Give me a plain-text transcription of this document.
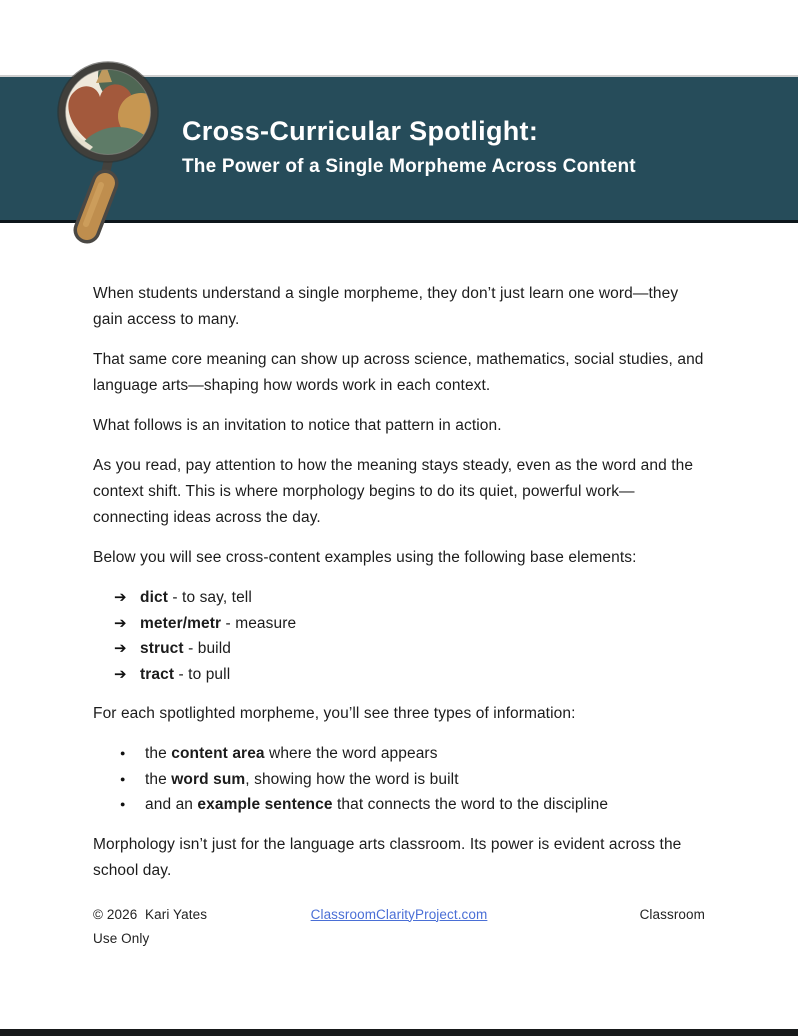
Cross-Curricular Spotlight:
The Power of a Single Morpheme Across Content

When students understand a single morpheme, they don’t just learn one word—they gain access to many.

That same core meaning can show up across science, mathematics, social studies, and language arts—shaping how words work in each context.

What follows is an invitation to notice that pattern in action.

As you read, pay attention to how the meaning stays steady, even as the word and the context shift. This is where morphology begins to do its quiet, powerful work—connecting ideas across the day.

Below you will see cross-content examples using the following base elements:

➔ dict - to say, tell
➔ meter/metr - measure
➔ struct - build
➔ tract - to pull

For each spotlighted morpheme, you’ll see three types of information:

● the content area where the word appears
● the word sum, showing how the word is built
● and an example sentence that connects the word to the discipline

Morphology isn’t just for the language arts classroom. Its power is evident across the school day.

© 2026  Kari Yates	ClassroomClarityProject.com	Classroom
Use Only
